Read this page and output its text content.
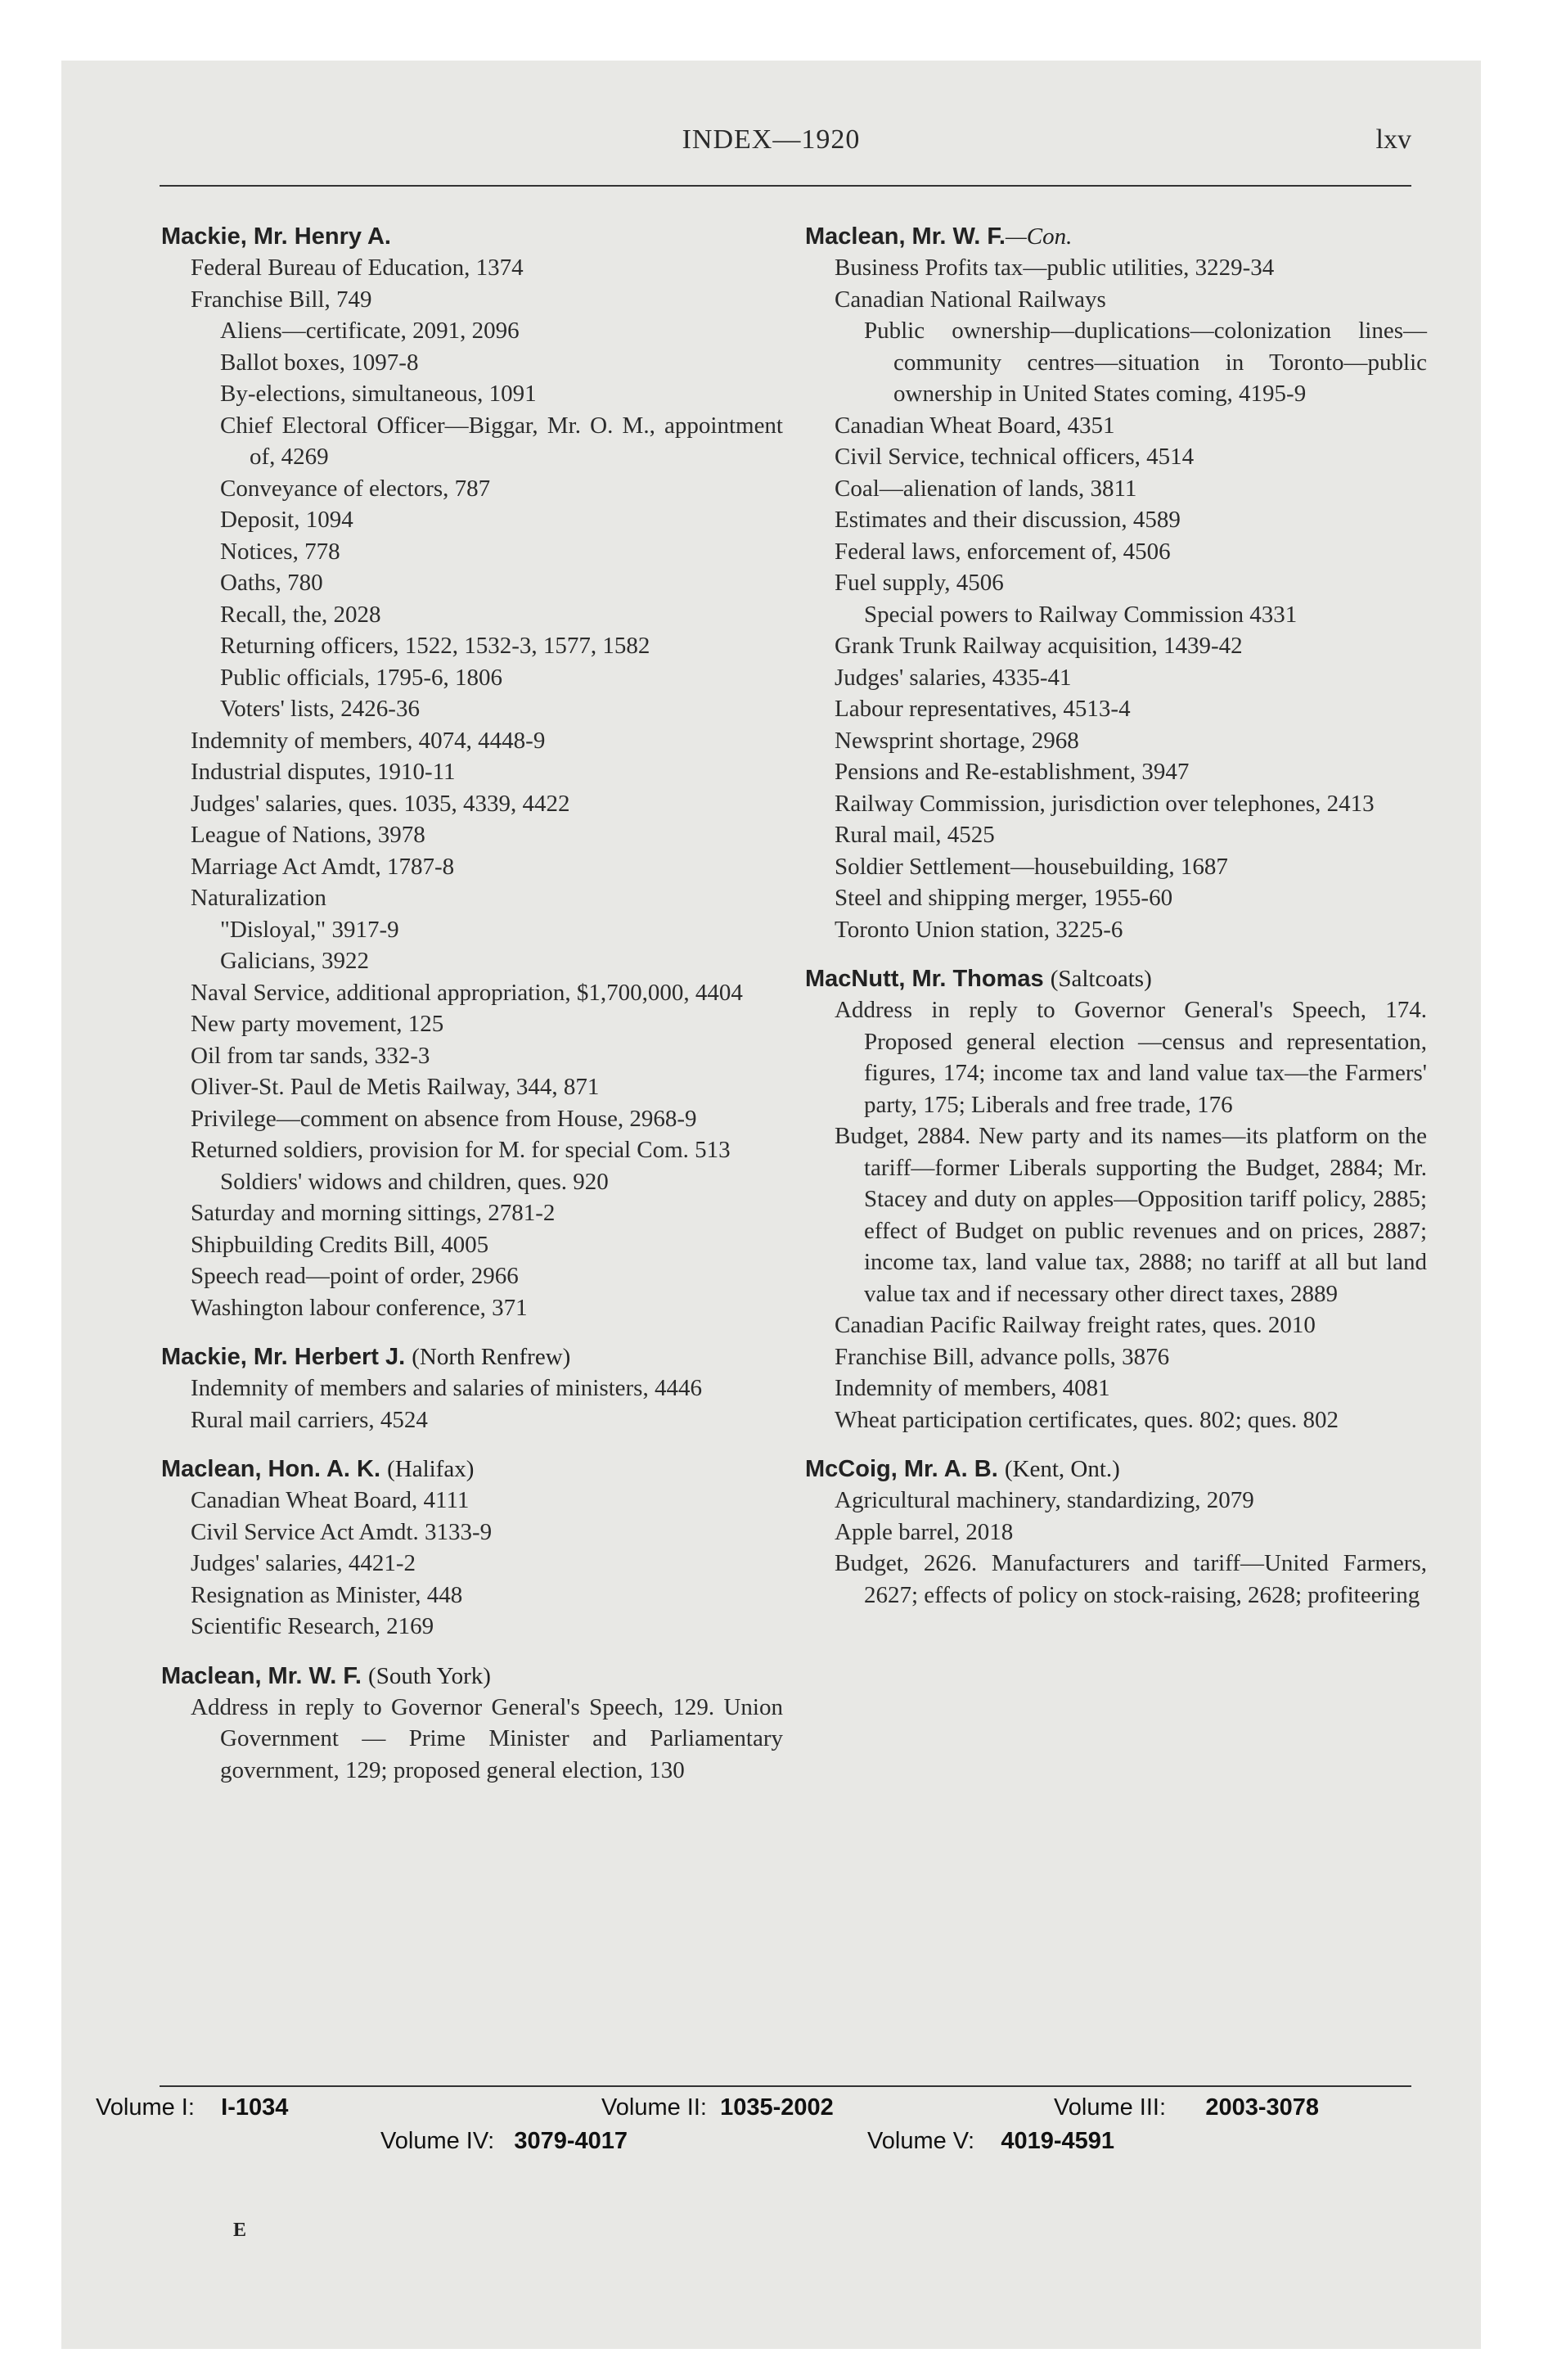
INDEX—1920	lxv
Mackie, Mr. Henry A.
Federal Bureau of Education, 1374
Franchise Bill, 749
Aliens—certificate, 2091, 2096
Ballot boxes, 1097-8
By-elections, simultaneous, 1091
Chief Electoral Officer—Biggar, Mr. O. M., appointment of, 4269
Conveyance of electors, 787
Deposit, 1094
Notices, 778
Oaths, 780
Recall, the, 2028
Returning officers, 1522, 1532-3, 1577, 1582
Public officials, 1795-6, 1806
Voters' lists, 2426-36
Indemnity of members, 4074, 4448-9
Industrial disputes, 1910-11
Judges' salaries, ques. 1035, 4339, 4422
League of Nations, 3978
Marriage Act Amdt, 1787-8
Naturalization
"Disloyal," 3917-9
Galicians, 3922
Naval Service, additional appropriation, $1,700,000, 4404
New party movement, 125
Oil from tar sands, 332-3
Oliver-St. Paul de Metis Railway, 344, 871
Privilege—comment on absence from House, 2968-9
Returned soldiers, provision for M. for special Com. 513
Soldiers' widows and children, ques. 920
Saturday and morning sittings, 2781-2
Shipbuilding Credits Bill, 4005
Speech read—point of order, 2966
Washington labour conference, 371
Mackie, Mr. Herbert J. (North Renfrew)
Indemnity of members and salaries of ministers, 4446
Rural mail carriers, 4524
Maclean, Hon. A. K. (Halifax)
Canadian Wheat Board, 4111
Civil Service Act Amdt. 3133-9
Judges' salaries, 4421-2
Resignation as Minister, 448
Scientific Research, 2169
Maclean, Mr. W. F. (South York)
Address in reply to Governor General's Speech, 129. Union Government — Prime Minister and Parliamentary government, 129; proposed general election, 130
Maclean, Mr. W. F.—Con.
Business Profits tax—public utilities, 3229-34
Canadian National Railways
Public ownership—duplications—colonization lines—community centres—situation in Toronto—public ownership in United States coming, 4195-9
Canadian Wheat Board, 4351
Civil Service, technical officers, 4514
Coal—alienation of lands, 3811
Estimates and their discussion, 4589
Federal laws, enforcement of, 4506
Fuel supply, 4506
Special powers to Railway Commission 4331
Grank Trunk Railway acquisition, 1439-42
Judges' salaries, 4335-41
Labour representatives, 4513-4
Newsprint shortage, 2968
Pensions and Re-establishment, 3947
Railway Commission, jurisdiction over telephones, 2413
Rural mail, 4525
Soldier Settlement—housebuilding, 1687
Steel and shipping merger, 1955-60
Toronto Union station, 3225-6
MacNutt, Mr. Thomas (Saltcoats)
Address in reply to Governor General's Speech, 174. Proposed general election —census and representation, figures, 174; income tax and land value tax—the Farmers' party, 175; Liberals and free trade, 176
Budget, 2884. New party and its names—its platform on the tariff—former Liberals supporting the Budget, 2884; Mr. Stacey and duty on apples—Opposition tariff policy, 2885; effect of Budget on public revenues and on prices, 2887; income tax, land value tax, 2888; no tariff at all but land value tax and if necessary other direct taxes, 2889
Canadian Pacific Railway freight rates, ques. 2010
Franchise Bill, advance polls, 3876
Indemnity of members, 4081
Wheat participation certificates, ques. 802; ques. 802
McCoig, Mr. A. B. (Kent, Ont.)
Agricultural machinery, standardizing, 2079
Apple barrel, 2018
Budget, 2626. Manufacturers and tariff—United Farmers, 2627; effects of policy on stock-raising, 2628; profiteering
Volume I: I-1034	Volume II: 1035-2002	Volume III: 2003-3078
Volume IV: 3079-4017	Volume V: 4019-4591
E
